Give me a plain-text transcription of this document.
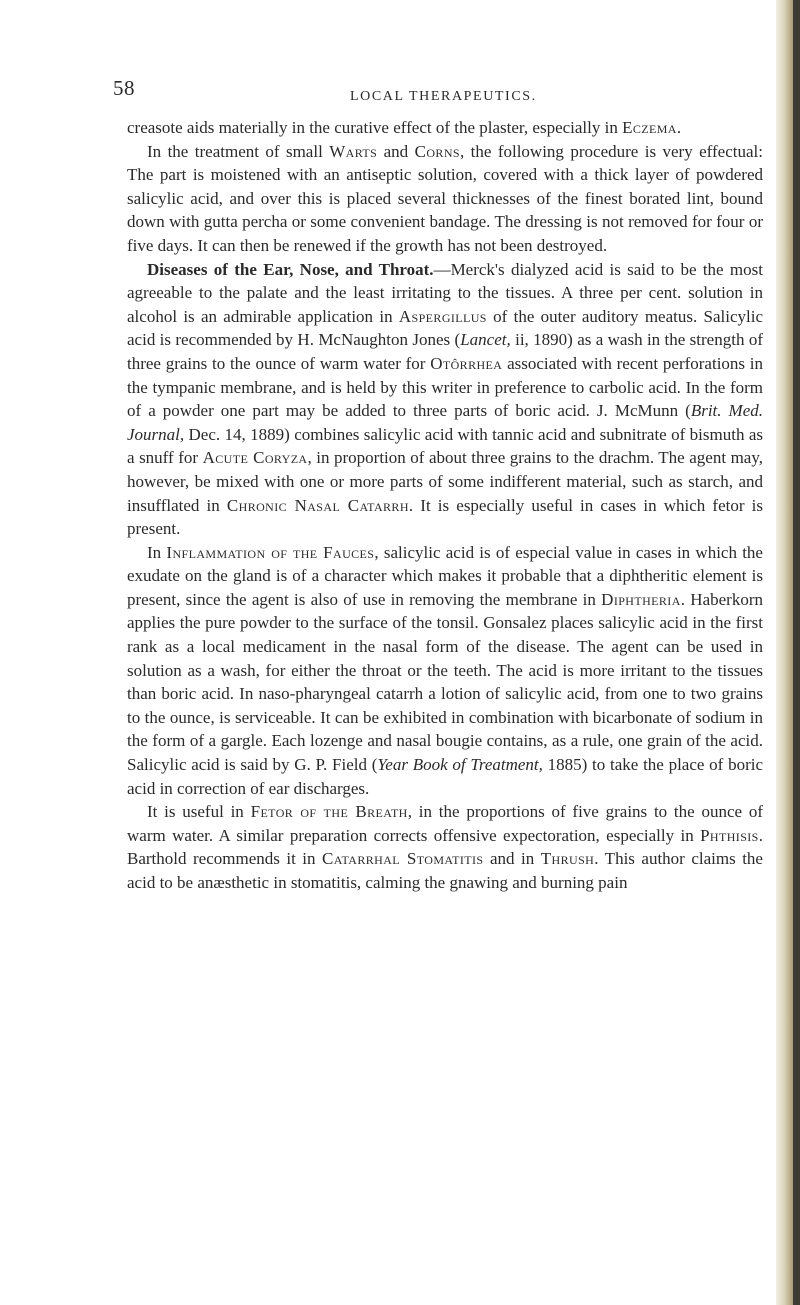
58	LOCAL THERAPEUTICS.

creasote aids materially in the curative effect of the plaster, especially in Eczema.

In the treatment of small Warts and Corns, the following procedure is very effectual: The part is moistened with an antiseptic solution, covered with a thick layer of powdered salicylic acid, and over this is placed several thicknesses of the finest borated lint, bound down with gutta percha or some convenient bandage. The dressing is not removed for four or five days. It can then be renewed if the growth has not been destroyed.

Diseases of the Ear, Nose, and Throat.—Merck's dialyzed acid is said to be the most agreeable to the palate and the least irritating to the tissues. A three per cent. solution in alcohol is an admirable application in Aspergillus of the outer auditory meatus. Salicylic acid is recommended by H. McNaughton Jones (Lancet, ii, 1890) as a wash in the strength of three grains to the ounce of warm water for Otôrrhea associated with recent perforations in the tympanic membrane, and is held by this writer in preference to carbolic acid. In the form of a powder one part may be added to three parts of boric acid. J. McMunn (Brit. Med. Journal, Dec. 14, 1889) combines salicylic acid with tannic acid and subnitrate of bismuth as a snuff for Acute Coryza, in proportion of about three grains to the drachm. The agent may, however, be mixed with one or more parts of some indifferent material, such as starch, and insufflated in Chronic Nasal Catarrh. It is especially useful in cases in which fetor is present.

In Inflammation of the Fauces, salicylic acid is of especial value in cases in which the exudate on the gland is of a character which makes it probable that a diphtheritic element is present, since the agent is also of use in removing the membrane in Diphtheria. Haberkorn applies the pure powder to the surface of the tonsil. Gonsalez places salicylic acid in the first rank as a local medicament in the nasal form of the disease. The agent can be used in solution as a wash, for either the throat or the teeth. The acid is more irritant to the tissues than boric acid. In naso-pharyngeal catarrh a lotion of salicylic acid, from one to two grains to the ounce, is serviceable. It can be exhibited in combination with bicarbonate of sodium in the form of a gargle. Each lozenge and nasal bougie contains, as a rule, one grain of the acid. Salicylic acid is said by G. P. Field (Year Book of Treatment, 1885) to take the place of boric acid in correction of ear discharges.

It is useful in Fetor of the Breath, in the proportions of five grains to the ounce of warm water. A similar preparation corrects offensive expectoration, especially in Phthisis. Barthold recommends it in Catarrhal Stomatitis and in Thrush. This author claims the acid to be anæsthetic in stomatitis, calming the gnawing and burning pain
